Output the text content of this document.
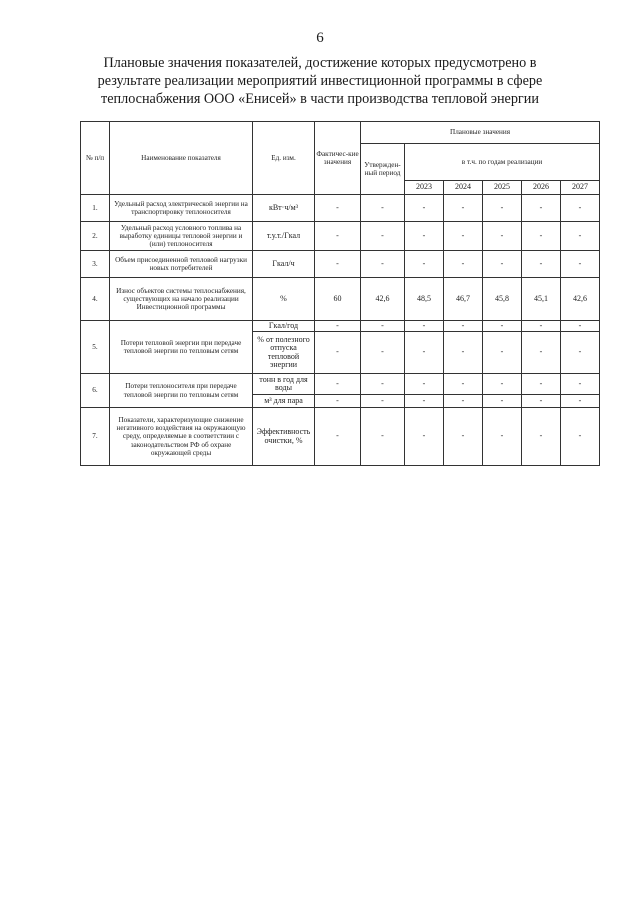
6
Плановые значения показателей, достижение которых предусмотрено в
результате реализации мероприятий инвестиционной программы в сфере
теплоснабжения ООО «Енисей» в части производства тепловой энергии
№ п/п	Наименование показателя	Ед. изм.	Фактичес-кие значения	Плановые значения					
				Утвержден-ный период	в т.ч. по годам реализации				
					2023	2024	2025	2026	2027
1.	Удельный расход электрической энергии на транспортировку теплоносителя	кВт·ч/м³	-	-	-	-	-	-	-
2.	Удельный расход условного топлива на выработку единицы тепловой энергии и (или) теплоносителя	т.у.т./Гкал	-	-	-	-	-	-	-
3.	Объем присоединенной тепловой нагрузки новых потребителей	Гкал/ч	-	-	-	-	-	-	-
4.	Износ объектов системы теплоснабжения, существующих на начало реализации Инвестиционной программы	%	60	42,6	48,5	46,7	45,8	45,1	42,6
5.	Потери тепловой энергии при передаче тепловой энергии по тепловым сетям	Гкал/год	-	-	-	-	-	-	-
		% от полезного отпуска тепловой энергии	-	-	-	-	-	-	-
6.	Потери теплоносителя при передаче тепловой энергии по тепловым сетям	тонн в год для воды	-	-	-	-	-	-	-
		м³ для пара	-	-	-	-	-	-	-
7.	Показатели, характеризующие снижение негативного воздействия на окружающую среду, определяемые в соответствии с законодательством РФ об охране окружающей среды	Эффективность очистки, %	-	-	-	-	-	-	-
